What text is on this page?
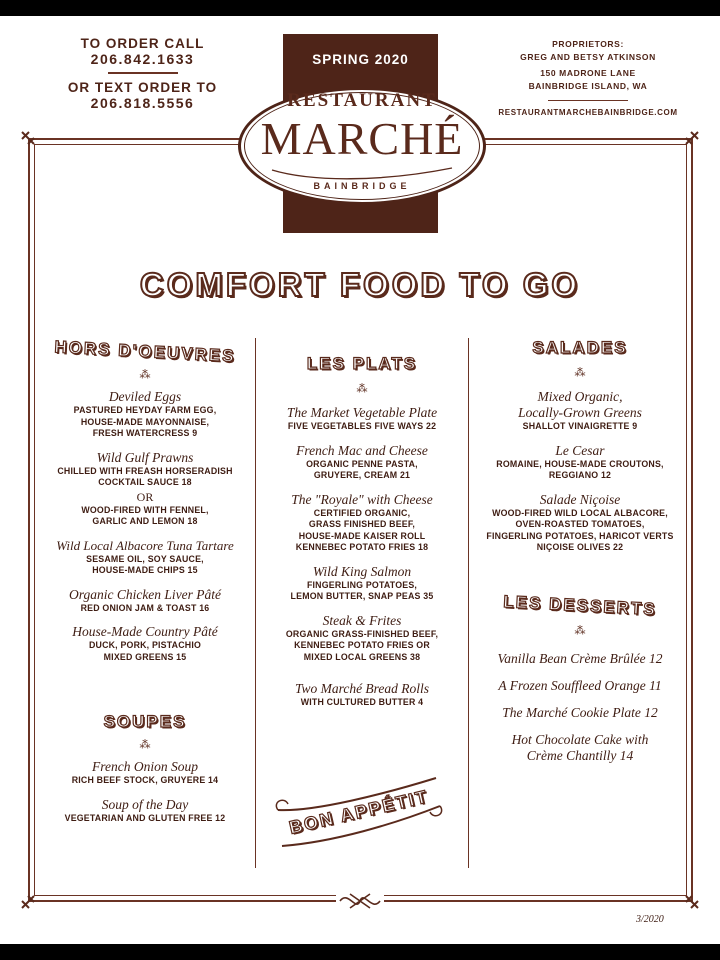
TO ORDER CALL
206.842.1633
OR TEXT ORDER TO
206.818.5556
PROPRIETORS:
GREG AND BETSY ATKINSON
150 MADRONE LANE
BAINBRIDGE ISLAND, WA
RESTAURANTMARCHEBAINBRIDGE.COM
SPRING 2020
RESTAURANT
MARCHÉ
BAINBRIDGE
COMFORT FOOD TO GO
HORS D'OEUVRES
⁂
Deviled Eggs
PASTURED HEYDAY FARM EGG,
HOUSE-MADE MAYONNAISE,
FRESH WATERCRESS 9
Wild Gulf Prawns
CHILLED WITH FREASH HORSERADISH
COCKTAIL SAUCE 18
OR
WOOD-FIRED WITH FENNEL,
GARLIC AND LEMON 18
Wild Local Albacore Tuna Tartare
SESAME OIL, SOY SAUCE,
HOUSE-MADE CHIPS 15
Organic Chicken Liver Pâté
RED ONION JAM & TOAST 16
House-Made Country Pâté
DUCK, PORK, PISTACHIO
MIXED GREENS 15
SOUPES
⁂
French Onion Soup
RICH BEEF STOCK, GRUYERE 14
Soup of the Day
VEGETARIAN AND GLUTEN FREE 12
LES PLATS
⁂
The Market Vegetable Plate
FIVE VEGETABLES FIVE WAYS 22
French Mac and Cheese
ORGANIC PENNE PASTA,
GRUYERE, CREAM 21
The "Royale" with Cheese
CERTIFIED ORGANIC,
GRASS FINISHED BEEF,
HOUSE-MADE KAISER ROLL
KENNEBEC POTATO FRIES 18
Wild King Salmon
FINGERLING POTATOES,
LEMON BUTTER, SNAP PEAS 35
Steak & Frites
ORGANIC GRASS-FINISHED BEEF,
KENNEBEC POTATO FRIES OR
MIXED LOCAL GREENS 38
Two Marché Bread Rolls
WITH CULTURED BUTTER 4
BON APPÉTIT
SALADES
⁂
Mixed Organic,
Locally-Grown Greens
SHALLOT VINAIGRETTE 9
Le Cesar
ROMAINE, HOUSE-MADE CROUTONS,
REGGIANO 12
Salade Niçoise
WOOD-FIRED WILD LOCAL ALBACORE,
OVEN-ROASTED TOMATOES,
FINGERLING POTATOES, HARICOT VERTS
NIÇOISE OLIVES 22
LES DESSERTS
⁂
Vanilla Bean Crème Brûlée 12
A Frozen Souffleed Orange 11
The Marché Cookie Plate 12
Hot Chocolate Cake with
Crème Chantilly 14
3/2020
